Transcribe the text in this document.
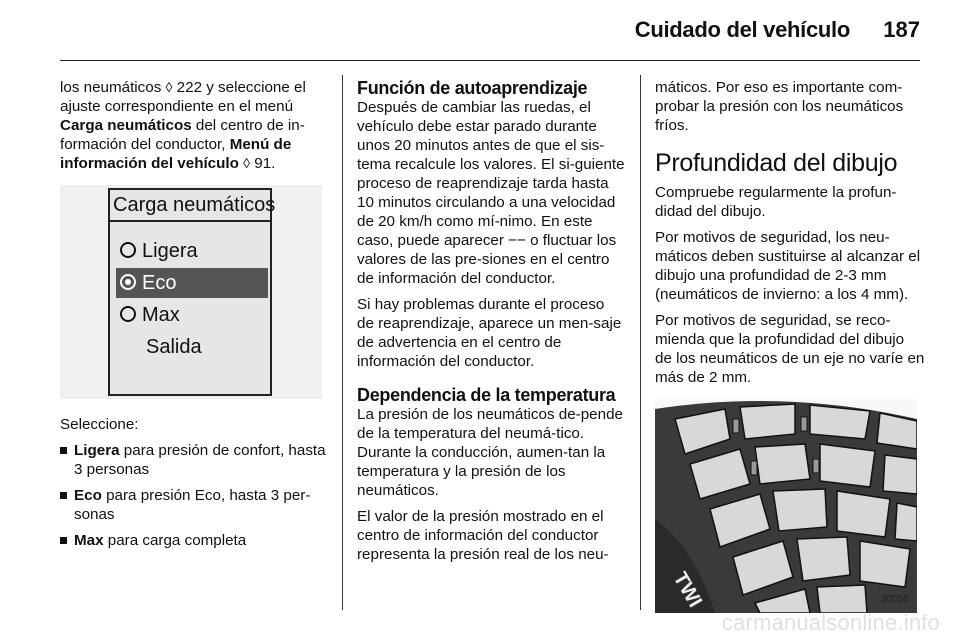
Cuidado del vehículo 187

los neumáticos ◊ 222 y seleccione el ajuste correspondiente en el menú Carga neumáticos del centro de in-formación del conductor, Menú de información del vehículo ◊ 91.

Carga neumáticos
Ligera
Eco
Max
Salida

Seleccione:

Ligera para presión de confort, hasta 3 personas
Eco para presión Eco, hasta 3 per-sonas
Max para carga completa
Función de autoaprendizaje

Después de cambiar las ruedas, el vehículo debe estar parado durante unos 20 minutos antes de que el sis-tema recalcule los valores. El si-guiente proceso de reaprendizaje tarda hasta 10 minutos circulando a una velocidad de 20 km/h como mí-nimo. En este caso, puede aparecer −− o fluctuar los valores de las pre-siones en el centro de información del conductor.

Si hay problemas durante el proceso de reaprendizaje, aparece un men-saje de advertencia en el centro de información del conductor.

Dependencia de la temperatura

La presión de los neumáticos de-pende de la temperatura del neumá-tico. Durante la conducción, aumen-tan la temperatura y la presión de los neumáticos.

El valor de la presión mostrado en el centro de información del conductor representa la presión real de los neu-

máticos. Por eso es importante com-probar la presión con los neumáticos fríos.

Profundidad del dibujo

Compruebe regularmente la profun-didad del dibujo.

Por motivos de seguridad, los neu-máticos deben sustituirse al alcanzar el dibujo una profundidad de 2-3 mm (neumáticos de invierno: a los 4 mm).

Por motivos de seguridad, se reco-mienda que la profundidad del dibujo de los neumáticos de un eje no varíe en más de 2 mm.

TWI	30055
carmanualsonline.info
